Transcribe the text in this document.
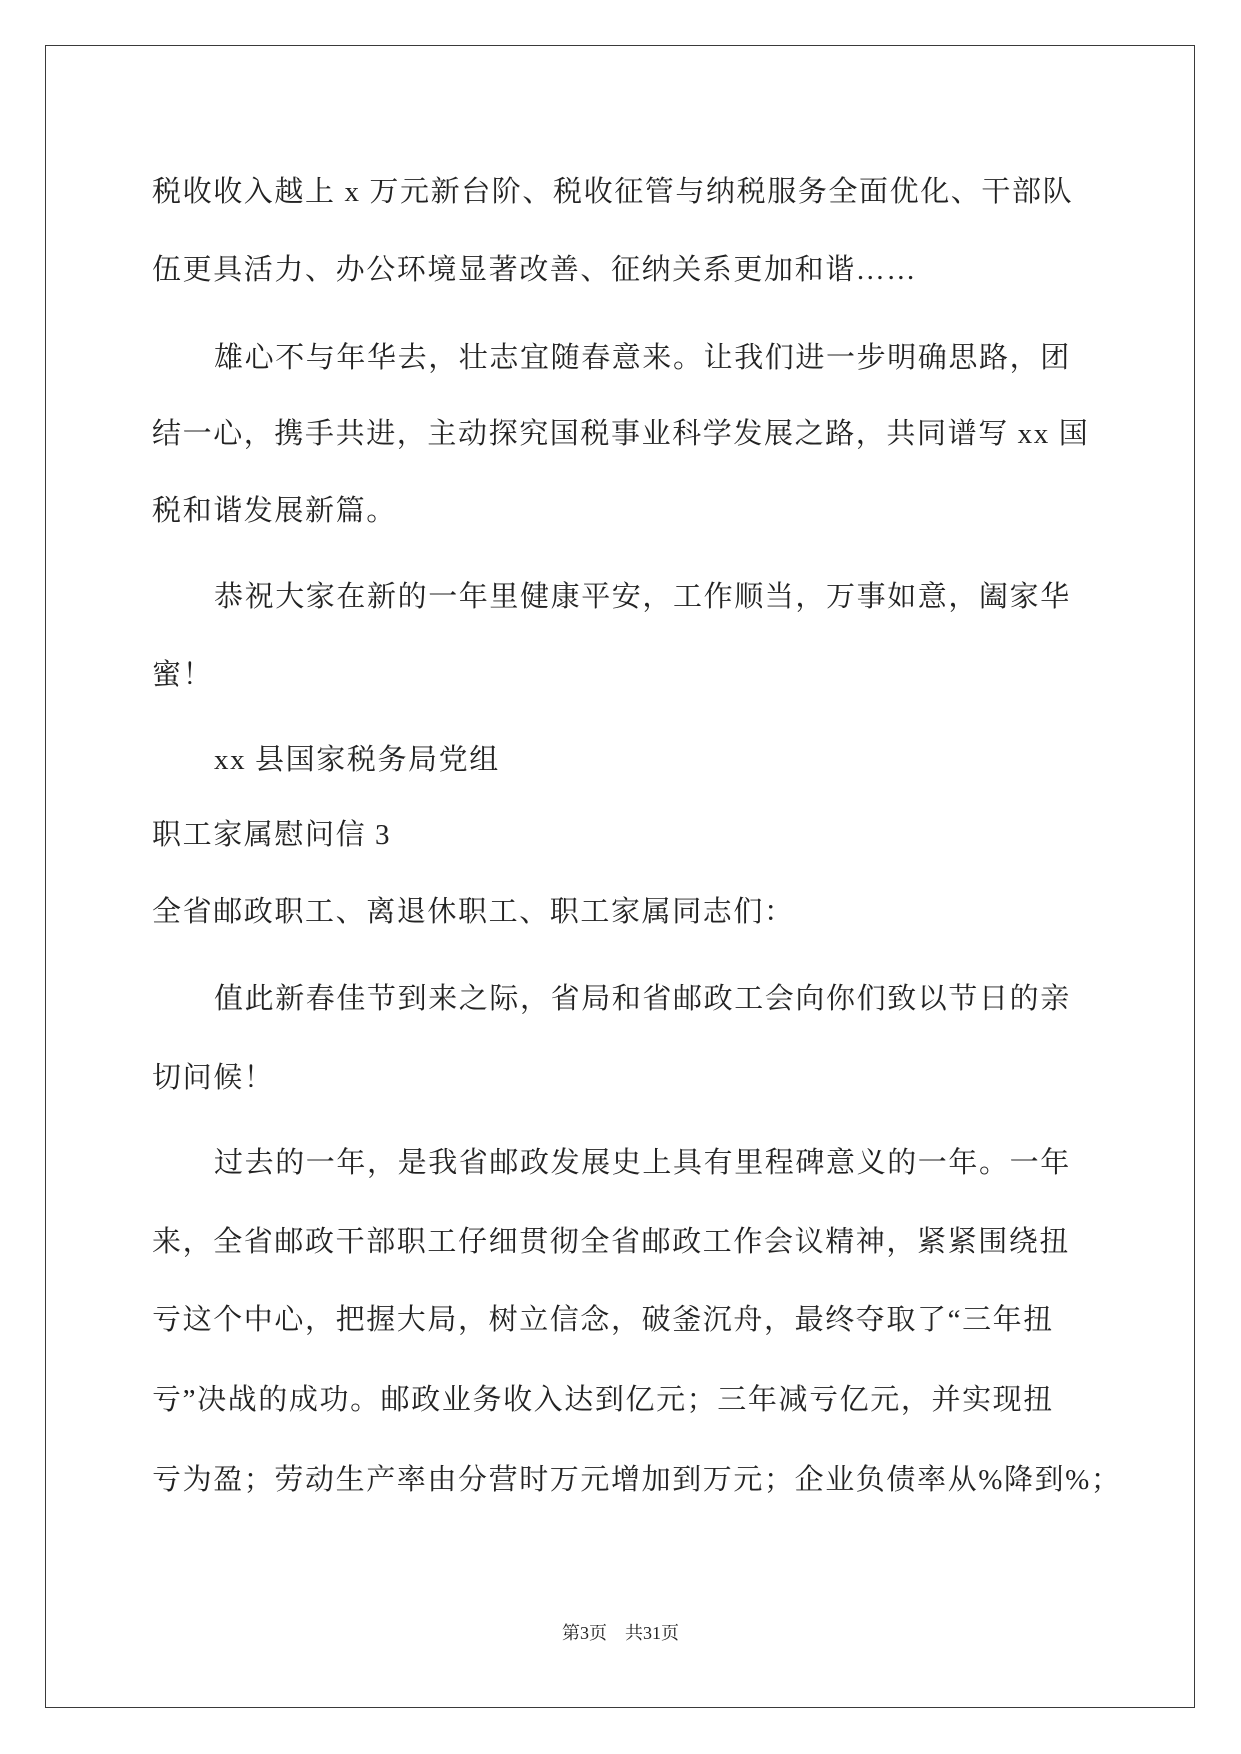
税收收入越上 x 万元新台阶、税收征管与纳税服务全面优化、干部队
伍更具活力、办公环境显著改善、征纳关系更加和谐……
雄心不与年华去，壮志宜随春意来。让我们进一步明确思路，团
结一心，携手共进，主动探究国税事业科学发展之路，共同谱写 xx 国
税和谐发展新篇。
恭祝大家在新的一年里健康平安，工作顺当，万事如意，阖家华
蜜！
xx 县国家税务局党组
职工家属慰问信 3
全省邮政职工、离退休职工、职工家属同志们：
值此新春佳节到来之际，省局和省邮政工会向你们致以节日的亲
切问候！
过去的一年，是我省邮政发展史上具有里程碑意义的一年。一年
来，全省邮政干部职工仔细贯彻全省邮政工作会议精神，紧紧围绕扭
亏这个中心，把握大局，树立信念，破釜沉舟，最终夺取了“三年扭
亏”决战的成功。邮政业务收入达到亿元；三年减亏亿元，并实现扭
亏为盈；劳动生产率由分营时万元增加到万元；企业负债率从%降到%；
第3页 共31页
